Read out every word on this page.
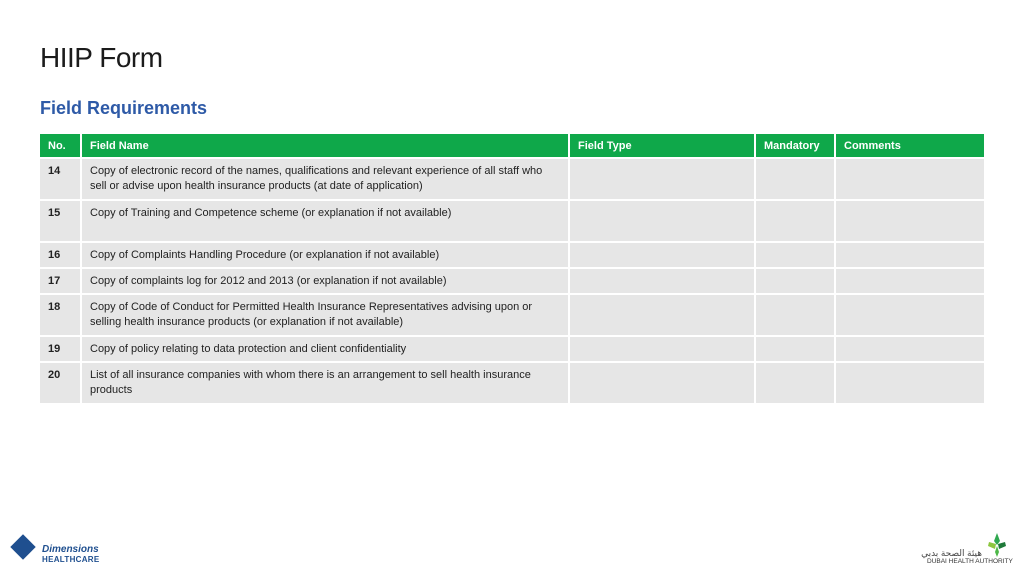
HIIP Form
Field Requirements
No.	Field Name	Field Type	Mandatory	Comments
14	Copy of electronic record of the names, qualifications and relevant experience of all staff who sell or advise upon health insurance products (at date of application)			
15	Copy of Training and Competence scheme (or explanation if not available)			
16	Copy of Complaints Handling Procedure (or explanation if not available)			
17	Copy of complaints log for 2012 and 2013 (or explanation if not available)			
18	Copy of Code of Conduct for Permitted Health Insurance Representatives advising upon or selling health insurance products (or explanation if not available)			
19	Copy of policy relating to data protection and client confidentiality			
20	List of all insurance companies with whom there is an arrangement to sell health insurance products			
Dimensions
HEALTHCARE
هيئة الصحة بدبي
DUBAI HEALTH AUTHORITY
